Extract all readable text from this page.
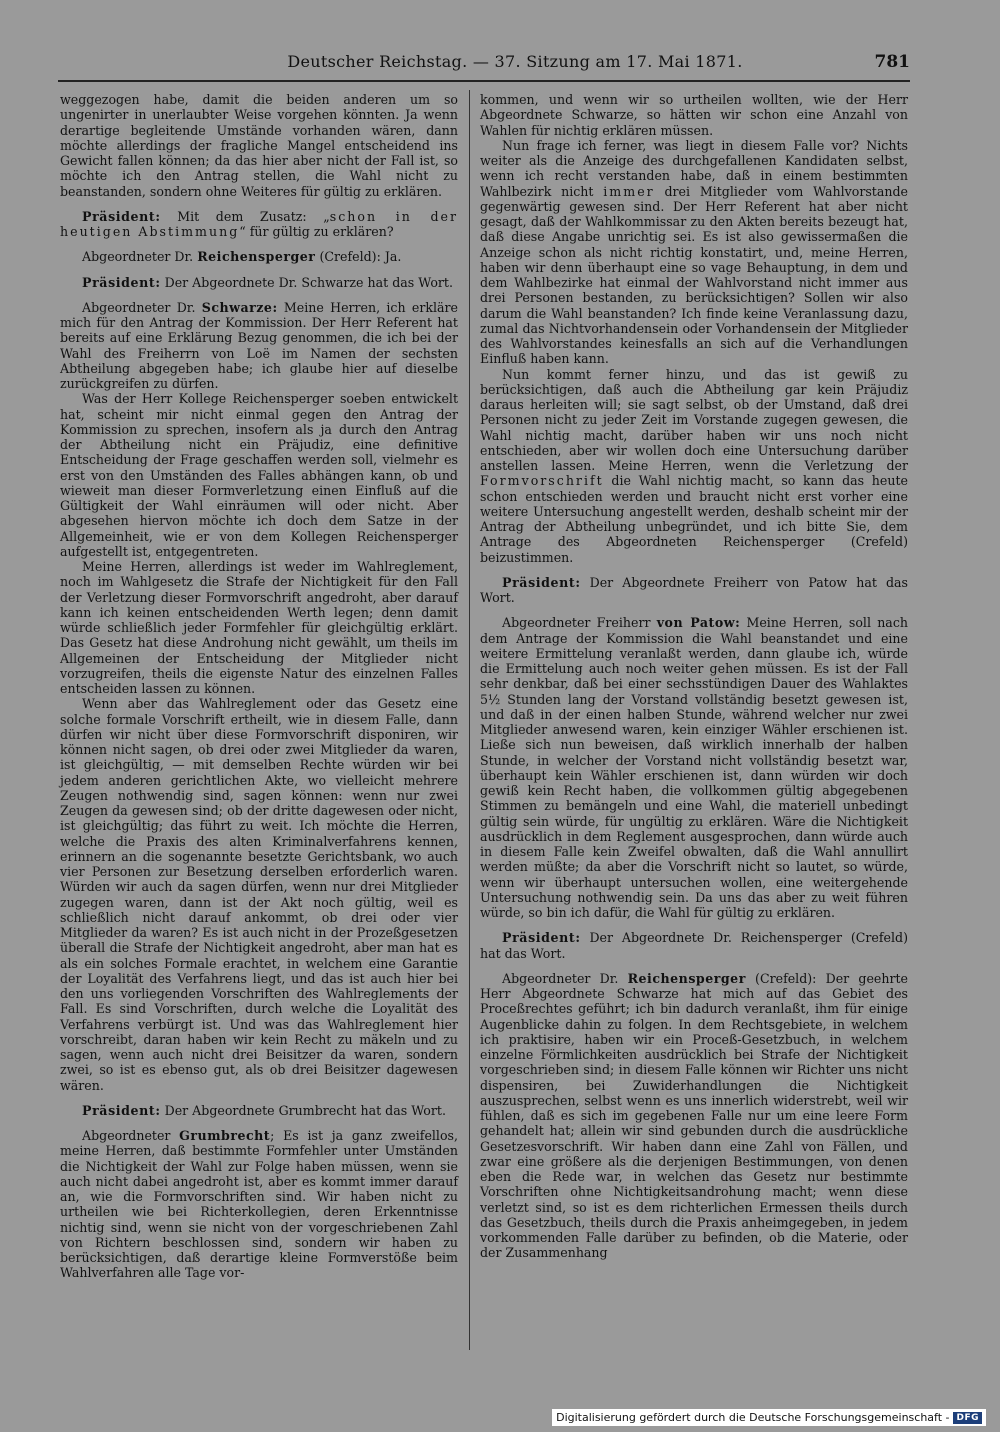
Deutscher Reichstag. — 37. Sitzung am 17. Mai 1871.	781

weggezogen habe, damit die beiden anderen um so ungenirter in unerlaubter Weise vorgehen könnten. Ja wenn derartige begleitende Umstände vorhanden wären, dann möchte allerdings der fragliche Mangel entscheidend ins Gewicht fallen können; da das hier aber nicht der Fall ist, so möchte ich den Antrag stellen, die Wahl nicht zu beanstanden, sondern ohne Weiteres für gültig zu erklären.

Präsident: Mit dem Zusatz: „schon in der heutigen Abstimmung“ für gültig zu erklären?

Abgeordneter Dr. Reichensperger (Crefeld): Ja.

Präsident: Der Abgeordnete Dr. Schwarze hat das Wort.

Abgeordneter Dr. Schwarze: Meine Herren, ich erkläre mich für den Antrag der Kommission. Der Herr Referent hat bereits auf eine Erklärung Bezug genommen, die ich bei der Wahl des Freiherrn von Loë im Namen der sechsten Abtheilung abgegeben habe; ich glaube hier auf dieselbe zurückgreifen zu dürfen.

Was der Herr Kollege Reichensperger soeben entwickelt hat, scheint mir nicht einmal gegen den Antrag der Kommission zu sprechen, insofern als ja durch den Antrag der Abtheilung nicht ein Präjudiz, eine definitive Entscheidung der Frage geschaffen werden soll, vielmehr es erst von den Umständen des Falles abhängen kann, ob und wieweit man dieser Formverletzung einen Einfluß auf die Gültigkeit der Wahl einräumen will oder nicht. Aber abgesehen hiervon möchte ich doch dem Satze in der Allgemeinheit, wie er von dem Kollegen Reichensperger aufgestellt ist, entgegentreten.

Meine Herren, allerdings ist weder im Wahlreglement, noch im Wahlgesetz die Strafe der Nichtigkeit für den Fall der Verletzung dieser Formvorschrift angedroht, aber darauf kann ich keinen entscheidenden Werth legen; denn damit würde schließlich jeder Formfehler für gleichgültig erklärt. Das Gesetz hat diese Androhung nicht gewählt, um theils im Allgemeinen der Entscheidung der Mitglieder nicht vorzugreifen, theils die eigenste Natur des einzelnen Falles entscheiden lassen zu können.

Wenn aber das Wahlreglement oder das Gesetz eine solche formale Vorschrift ertheilt, wie in diesem Falle, dann dürfen wir nicht über diese Formvorschrift disponiren, wir können nicht sagen, ob drei oder zwei Mitglieder da waren, ist gleichgültig, — mit demselben Rechte würden wir bei jedem anderen gerichtlichen Akte, wo vielleicht mehrere Zeugen nothwendig sind, sagen können: wenn nur zwei Zeugen da gewesen sind; ob der dritte dagewesen oder nicht, ist gleichgültig; das führt zu weit. Ich möchte die Herren, welche die Praxis des alten Kriminalverfahrens kennen, erinnern an die sogenannte besetzte Gerichtsbank, wo auch vier Personen zur Besetzung derselben erforderlich waren. Würden wir auch da sagen dürfen, wenn nur drei Mitglieder zugegen waren, dann ist der Akt noch gültig, weil es schließlich nicht darauf ankommt, ob drei oder vier Mitglieder da waren? Es ist auch nicht in der Prozeßgesetzen überall die Strafe der Nichtigkeit angedroht, aber man hat es als ein solches Formale erachtet, in welchem eine Garantie der Loyalität des Verfahrens liegt, und das ist auch hier bei den uns vorliegenden Vorschriften des Wahlreglements der Fall. Es sind Vorschriften, durch welche die Loyalität des Verfahrens verbürgt ist. Und was das Wahlreglement hier vorschreibt, daran haben wir kein Recht zu mäkeln und zu sagen, wenn auch nicht drei Beisitzer da waren, sondern zwei, so ist es ebenso gut, als ob drei Beisitzer dagewesen wären.

Präsident: Der Abgeordnete Grumbrecht hat das Wort.

Abgeordneter Grumbrecht; Es ist ja ganz zweifellos, meine Herren, daß bestimmte Formfehler unter Umständen die Nichtigkeit der Wahl zur Folge haben müssen, wenn sie auch nicht dabei angedroht ist, aber es kommt immer darauf an, wie die Formvorschriften sind. Wir haben nicht zu urtheilen wie bei Richterkollegien, deren Erkenntnisse nichtig sind, wenn sie nicht von der vorgeschriebenen Zahl von Richtern beschlossen sind, sondern wir haben zu berücksichtigen, daß derartige kleine Formverstöße beim Wahlverfahren alle Tage vor-

kommen, und wenn wir so urtheilen wollten, wie der Herr Abgeordnete Schwarze, so hätten wir schon eine Anzahl von Wahlen für nichtig erklären müssen.

Nun frage ich ferner, was liegt in diesem Falle vor? Nichts weiter als die Anzeige des durchgefallenen Kandidaten selbst, wenn ich recht verstanden habe, daß in einem bestimmten Wahlbezirk nicht immer drei Mitglieder vom Wahlvorstande gegenwärtig gewesen sind. Der Herr Referent hat aber nicht gesagt, daß der Wahlkommissar zu den Akten bereits bezeugt hat, daß diese Angabe unrichtig sei. Es ist also gewissermaßen die Anzeige schon als nicht richtig konstatirt, und, meine Herren, haben wir denn überhaupt eine so vage Behauptung, in dem und dem Wahlbezirke hat einmal der Wahlvorstand nicht immer aus drei Personen bestanden, zu berücksichtigen? Sollen wir also darum die Wahl beanstanden? Ich finde keine Veranlassung dazu, zumal das Nichtvorhandensein oder Vorhandensein der Mitglieder des Wahlvorstandes keinesfalls an sich auf die Verhandlungen Einfluß haben kann.

Nun kommt ferner hinzu, und das ist gewiß zu berücksichtigen, daß auch die Abtheilung gar kein Präjudiz daraus herleiten will; sie sagt selbst, ob der Umstand, daß drei Personen nicht zu jeder Zeit im Vorstande zugegen gewesen, die Wahl nichtig macht, darüber haben wir uns noch nicht entschieden, aber wir wollen doch eine Untersuchung darüber anstellen lassen. Meine Herren, wenn die Verletzung der Formvorschrift die Wahl nichtig macht, so kann das heute schon entschieden werden und braucht nicht erst vorher eine weitere Untersuchung angestellt werden, deshalb scheint mir der Antrag der Abtheilung unbegründet, und ich bitte Sie, dem Antrage des Abgeordneten Reichensperger (Crefeld) beizustimmen.

Präsident: Der Abgeordnete Freiherr von Patow hat das Wort.

Abgeordneter Freiherr von Patow: Meine Herren, soll nach dem Antrage der Kommission die Wahl beanstandet und eine weitere Ermittelung veranlaßt werden, dann glaube ich, würde die Ermittelung auch noch weiter gehen müssen. Es ist der Fall sehr denkbar, daß bei einer sechsstündigen Dauer des Wahlaktes 5½ Stunden lang der Vorstand vollständig besetzt gewesen ist, und daß in der einen halben Stunde, während welcher nur zwei Mitglieder anwesend waren, kein einziger Wähler erschienen ist. Ließe sich nun beweisen, daß wirklich innerhalb der halben Stunde, in welcher der Vorstand nicht vollständig besetzt war, überhaupt kein Wähler erschienen ist, dann würden wir doch gewiß kein Recht haben, die vollkommen gültig abgegebenen Stimmen zu bemängeln und eine Wahl, die materiell unbedingt gültig sein würde, für ungültig zu erklären. Wäre die Nichtigkeit ausdrücklich in dem Reglement ausgesprochen, dann würde auch in diesem Falle kein Zweifel obwalten, daß die Wahl annullirt werden müßte; da aber die Vorschrift nicht so lautet, so würde, wenn wir überhaupt untersuchen wollen, eine weitergehende Untersuchung nothwendig sein. Da uns das aber zu weit führen würde, so bin ich dafür, die Wahl für gültig zu erklären.

Präsident: Der Abgeordnete Dr. Reichensperger (Crefeld) hat das Wort.

Abgeordneter Dr. Reichensperger (Crefeld): Der geehrte Herr Abgeordnete Schwarze hat mich auf das Gebiet des Proceßrechtes geführt; ich bin dadurch veranlaßt, ihm für einige Augenblicke dahin zu folgen. In dem Rechtsgebiete, in welchem ich praktisire, haben wir ein Proceß-Gesetzbuch, in welchem einzelne Förmlichkeiten ausdrücklich bei Strafe der Nichtigkeit vorgeschrieben sind; in diesem Falle können wir Richter uns nicht dispensiren, bei Zuwiderhandlungen die Nichtigkeit auszusprechen, selbst wenn es uns innerlich widerstrebt, weil wir fühlen, daß es sich im gegebenen Falle nur um eine leere Form gehandelt hat; allein wir sind gebunden durch die ausdrückliche Gesetzesvorschrift. Wir haben dann eine Zahl von Fällen, und zwar eine größere als die derjenigen Bestimmungen, von denen eben die Rede war, in welchen das Gesetz nur bestimmte Vorschriften ohne Nichtigkeitsandrohung macht; wenn diese verletzt sind, so ist es dem richterlichen Ermessen theils durch das Gesetzbuch, theils durch die Praxis anheimgegeben, in jedem vorkommenden Falle darüber zu befinden, ob die Materie, oder der Zusammenhang

Digitalisierung gefördert durch die Deutsche Forschungsgemeinschaft - DFG
